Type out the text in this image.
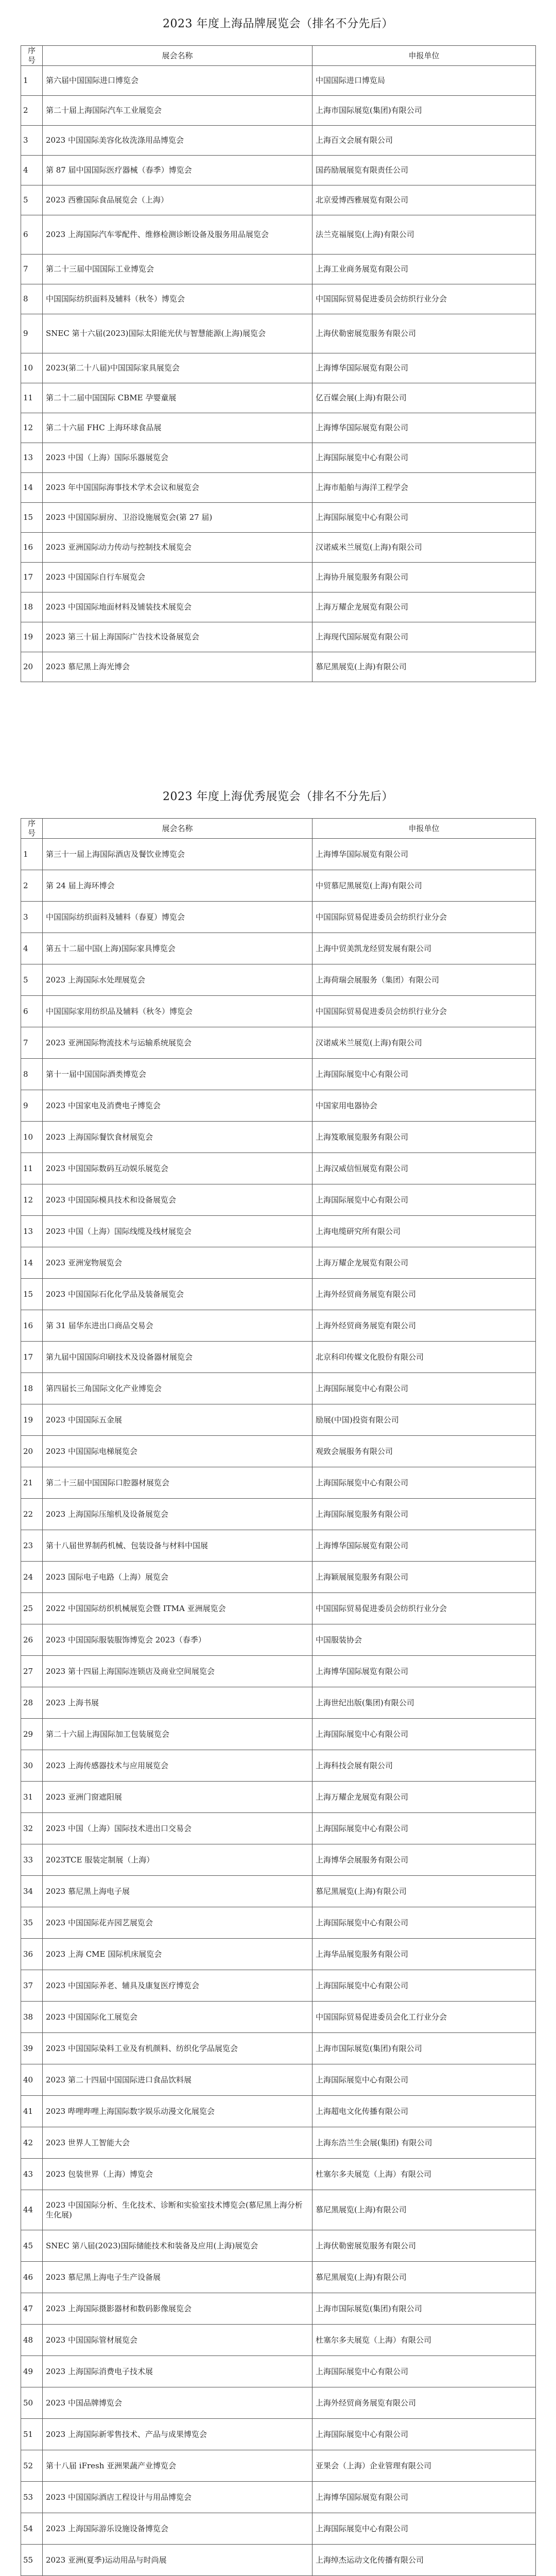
2023 年度上海品牌展览会（排名不分先后）
序号	展会名称	申报单位
1	第六届中国国际进口博览会	中国国际进口博览局
2	第二十届上海国际汽车工业展览会	上海市国际展览(集团)有限公司
3	2023 中国国际美容化妆洗涤用品博览会	上海百文会展有限公司
4	第 87 届中国国际医疗器械（春季）博览会	国药励展展览有限责任公司
5	2023 西雅国际食品展览会（上海）	北京爱博西雅展览有限公司
6	2023 上海国际汽车零配件、维修检测诊断设备及服务用品展览会	法兰克福展览(上海)有限公司
7	第二十三届中国国际工业博览会	上海工业商务展览有限公司
8	中国国际纺织面料及辅料（秋冬）博览会	中国国际贸易促进委员会纺织行业分会
9	SNEC 第十六届(2023)国际太阳能光伏与智慧能源(上海)展览会	上海伏勒密展览服务有限公司
10	2023(第二十八届)中国国际家具展览会	上海博华国际展览有限公司
11	第二十二届中国国际 CBME 孕婴童展	亿百媒会展(上海)有限公司
12	第二十六届 FHC 上海环球食品展	上海博华国际展览有限公司
13	2023 中国（上海）国际乐器展览会	上海国际展览中心有限公司
14	2023 年中国国际海事技术学术会议和展览会	上海市船舶与海洋工程学会
15	2023 中国国际厨房、卫浴设施展览会(第 27 届)	上海国际展览中心有限公司
16	2023 亚洲国际动力传动与控制技术展览会	汉诺威米兰展览(上海)有限公司
17	2023 中国国际自行车展览会	上海协升展览服务有限公司
18	2023 中国国际地面材料及铺装技术展览会	上海万耀企龙展览有限公司
19	2023 第三十届上海国际广告技术设备展览会	上海现代国际展览有限公司
20	2023 慕尼黑上海光博会	慕尼黑展览(上海)有限公司
2023 年度上海优秀展览会（排名不分先后）
序号	展会名称	申报单位
1	第三十一届上海国际酒店及餐饮业博览会	上海博华国际展览有限公司
2	第 24 届上海环博会	中贸慕尼黑展览(上海)有限公司
3	中国国际纺织面料及辅料（春夏）博览会	中国国际贸易促进委员会纺织行业分会
4	第五十二届中国(上海)国际家具博览会	上海中贸美凯龙经贸发展有限公司
5	2023 上海国际水处理展览会	上海荷瑞会展服务（集团）有限公司
6	中国国际家用纺织品及辅料（秋冬）博览会	中国国际贸易促进委员会纺织行业分会
7	2023 亚洲国际物流技术与运输系统展览会	汉诺威米兰展览(上海)有限公司
8	第十一届中国国际酒类博览会	上海国际展览中心有限公司
9	2023 中国家电及消费电子博览会	中国家用电器协会
10	2023 上海国际餐饮食材展览会	上海笈歌展览服务有限公司
11	2023 中国国际数码互动娱乐展览会	上海汉威信恒展览有限公司
12	2023 中国国际模具技术和设备展览会	上海国际展览中心有限公司
13	2023 中国（上海）国际线缆及线材展览会	上海电缆研究所有限公司
14	2023 亚洲宠物展览会	上海万耀企龙展览有限公司
15	2023 中国国际石化化学品及装备展览会	上海外经贸商务展览有限公司
16	第 31 届华东进出口商品交易会	上海外经贸商务展览有限公司
17	第九届中国国际印刷技术及设备器材展览会	北京科印传媒文化股份有限公司
18	第四届长三角国际文化产业博览会	上海国际展览中心有限公司
19	2023 中国国际五金展	励展(中国)投资有限公司
20	2023 中国国际电梯展览会	观致会展服务有限公司
21	第二十三届中国国际口腔器材展览会	上海国际展览中心有限公司
22	2023 上海国际压缩机及设备展览会	上海国际展览服务有限公司
23	第十八届世界制药机械、包装设备与材料中国展	上海博华国际展览有限公司
24	2023 国际电子电路（上海）展览会	上海颖展展览服务有限公司
25	2022 中国国际纺织机械展览会暨 ITMA 亚洲展览会	中国国际贸易促进委员会纺织行业分会
26	2023 中国国际服装服饰博览会 2023（春季）	中国服装协会
27	2023 第十四届上海国际连锁店及商业空间展览会	上海博华国际展览有限公司
28	2023 上海书展	上海世纪出版(集团)有限公司
29	第二十六届上海国际加工包装展览会	上海国际展览中心有限公司
30	2023 上海传感器技术与应用展览会	上海科技会展有限公司
31	2023 亚洲门窗遮阳展	上海万耀企龙展览有限公司
32	2023 中国（上海）国际技术进出口交易会	上海国际展览中心有限公司
33	2023TCE 服装定制展（上海）	上海博华会展服务有限公司
34	2023 慕尼黑上海电子展	慕尼黑展览(上海)有限公司
35	2023 中国国际花卉园艺展览会	上海国际展览中心有限公司
36	2023 上海 CME 国际机床展览会	上海华品展览服务有限公司
37	2023 中国国际养老、辅具及康复医疗博览会	上海国际展览中心有限公司
38	2023 中国国际化工展览会	中国国际贸易促进委员会化工行业分会
39	2023 中国国际染料工业及有机颜料、纺织化学品展览会	上海市国际展览(集团)有限公司
40	2023 第二十四届中国国际进口食品饮料展	上海国际展览中心有限公司
41	2023 哔哩哔哩上海国际数字娱乐动漫文化展览会	上海超电文化传播有限公司
42	2023 世界人工智能大会	上海东浩兰生会展(集团) 有限公司
43	2023 包装世界（上海）博览会	杜塞尔多夫展览（上海）有限公司
44	2023 中国国际分析、生化技术、诊断和实验室技术博览会(慕尼黑上海分析生化展)	慕尼黑展览(上海)有限公司
45	SNEC 第八届(2023)国际储能技术和装备及应用(上海)展览会	上海伏勒密展览服务有限公司
46	2023 慕尼黑上海电子生产设备展	慕尼黑展览(上海)有限公司
47	2023 上海国际摄影器材和数码影像展览会	上海市国际展览(集团)有限公司
48	2023 中国国际管材展览会	杜塞尔多夫展览（上海）有限公司
49	2023 上海国际消费电子技术展	上海国际展览中心有限公司
50	2023 中国品牌博览会	上海外经贸商务展览有限公司
51	2023 上海国际新零售技术、产品与成果博览会	上海国际展览中心有限公司
52	第十八届 iFresh 亚洲果蔬产业博览会	亚果会（上海）企业管理有限公司
53	2023 中国国际酒店工程设计与用品博览会	上海博华国际展览有限公司
54	2023 上海国际游乐设施设备博览会	上海国际展览中心有限公司
55	2023 亚洲(夏季)运动用品与时尚展	上海绰杰运动文化传播有限公司
